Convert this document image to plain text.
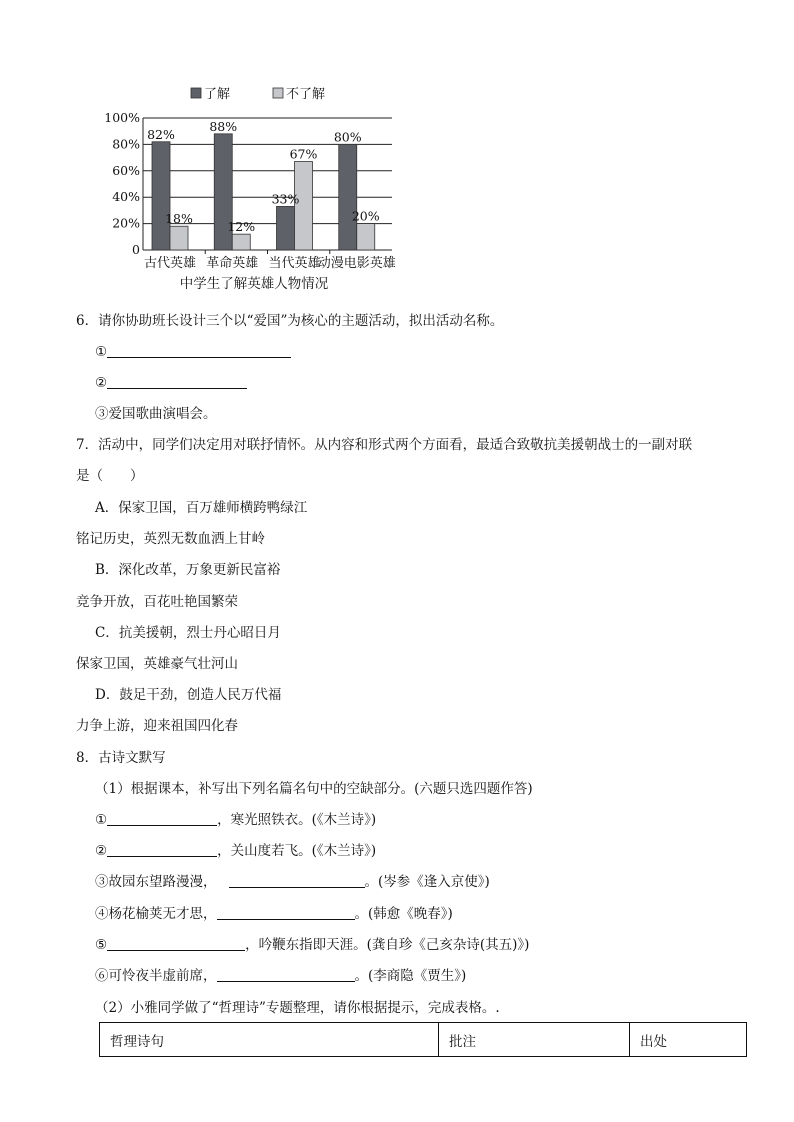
了解	不了解
100%
80%
60%
40%
20%
0
82%
18%
古代英雄
88%
12%
革命英雄
33%
67%
当代英雄
80%
20%
动漫电影英雄
中学生了解英雄人物情况
6．请你协助班长设计三个以“爱国”为核心的主题活动，拟出活动名称。
①
②
③爱国歌曲演唱会。
7．活动中，同学们决定用对联抒情怀。从内容和形式两个方面看，最适合致敬抗美援朝战士的一副对联
是（　　）
A．保家卫国，百万雄师横跨鸭绿江
铭记历史，英烈无数血洒上甘岭
B．深化改革，万象更新民富裕
竞争开放，百花吐艳国繁荣
C．抗美援朝，烈士丹心昭日月
保家卫国，英雄豪气壮河山
D．鼓足干劲，创造人民万代福
力争上游，迎来祖国四化春
8．古诗文默写
（1）根据课本，补写出下列名篇名句中的空缺部分。(六题只选四题作答)
①	，寒光照铁衣。(《木兰诗》)
②	，关山度若飞。(《木兰诗》)
③故园东望路漫漫，	。(岑参《逢入京使》)
④杨花榆荚无才思，	。(韩愈《晚春》)
⑤	，吟鞭东指即天涯。(龚自珍《己亥杂诗(其五)》)
⑥可怜夜半虚前席，	。(李商隐《贾生》)
（2）小雅同学做了“哲理诗”专题整理，请你根据提示，完成表格。.
哲理诗句	批注	出处
